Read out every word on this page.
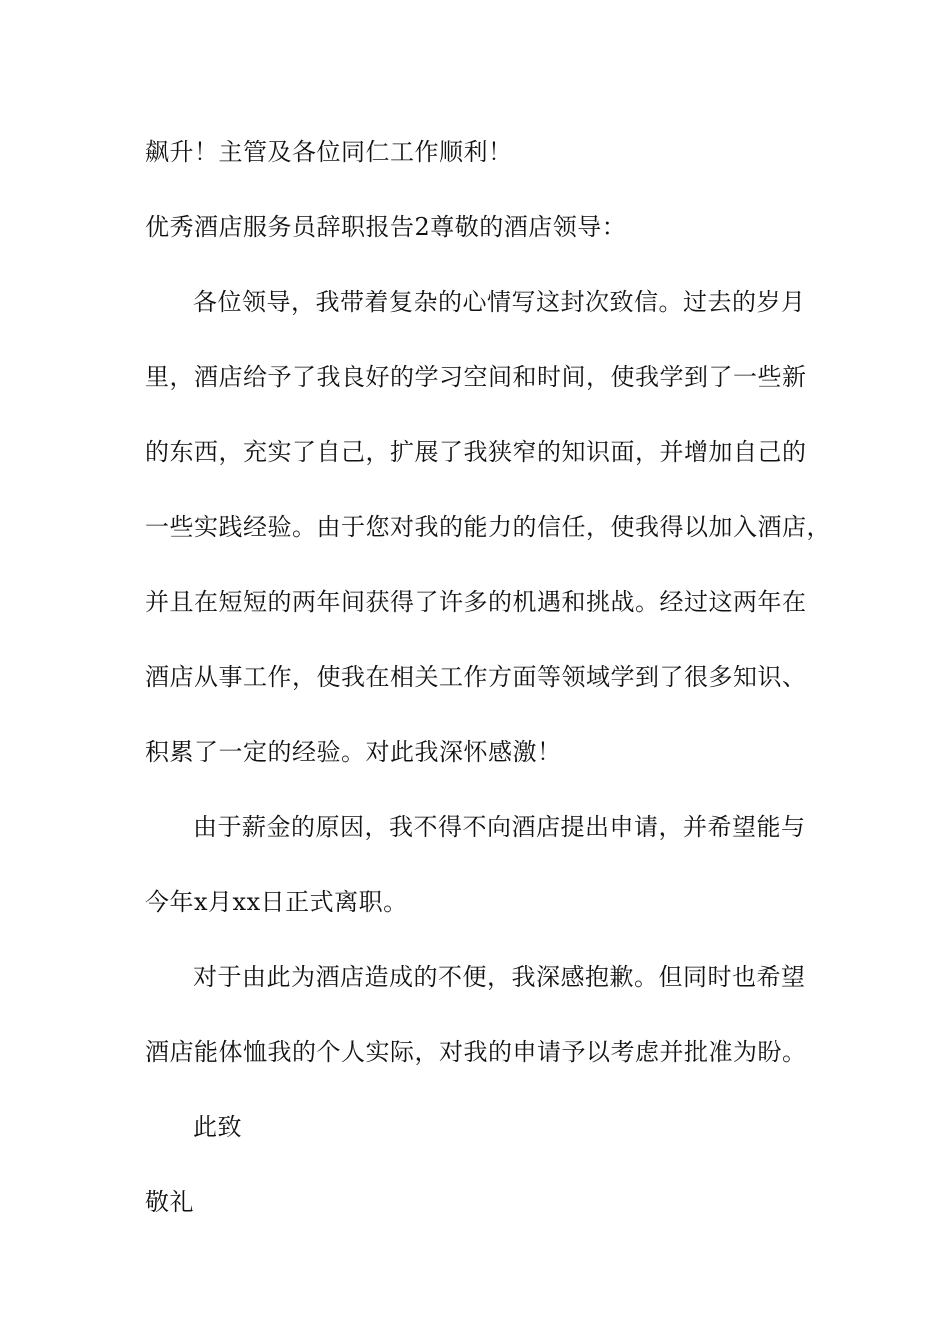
飙升！主管及各位同仁工作顺利！
优秀酒店服务员辞职报告2尊敬的酒店领导：
各位领导，我带着复杂的心情写这封次致信。过去的岁月
里，酒店给予了我良好的学习空间和时间，使我学到了一些新
的东西，充实了自己，扩展了我狭窄的知识面，并增加自己的
一些实践经验。由于您对我的能力的信任，使我得以加入酒店，
并且在短短的两年间获得了许多的机遇和挑战。经过这两年在
酒店从事工作，使我在相关工作方面等领域学到了很多知识、
积累了一定的经验。对此我深怀感激！
由于薪金的原因，我不得不向酒店提出申请，并希望能与
今年x月xx日正式离职。
对于由此为酒店造成的不便，我深感抱歉。但同时也希望
酒店能体恤我的个人实际，对我的申请予以考虑并批准为盼。
此致
敬礼
